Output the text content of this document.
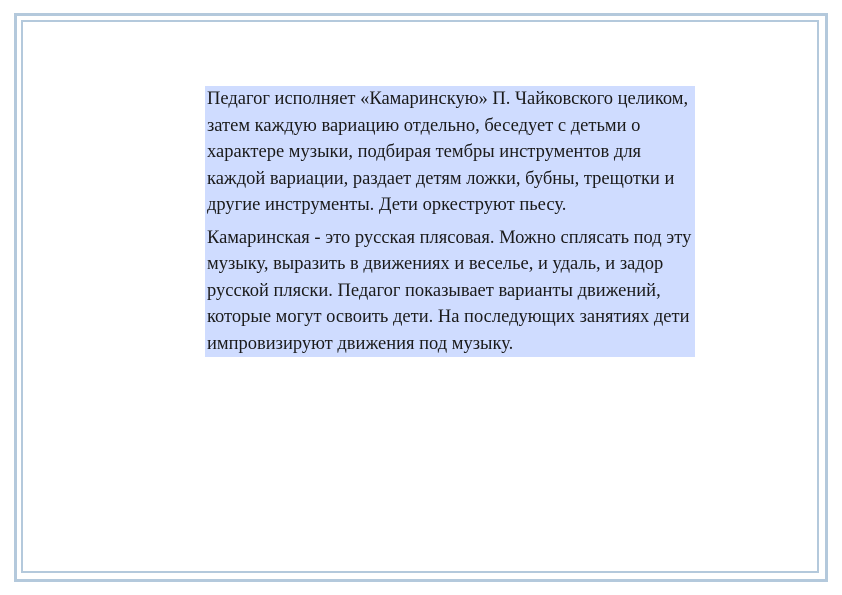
Педагог исполняет «Камаринскую» П. Чайковского целиком, затем каждую вариацию отдельно, беседует с детьми о характере музыки, подбирая тембры инструментов для каждой вариации, раздает детям ложки, бубны, трещотки и другие инструменты. Дети оркеструют пьесу.

Камаринская - это русская плясовая. Можно сплясать под эту музыку, выразить в движениях и веселье, и удаль, и задор русской пляски. Педагог показывает варианты движений, которые могут освоить дети. На последующих занятиях дети импровизируют движения под музыку.
